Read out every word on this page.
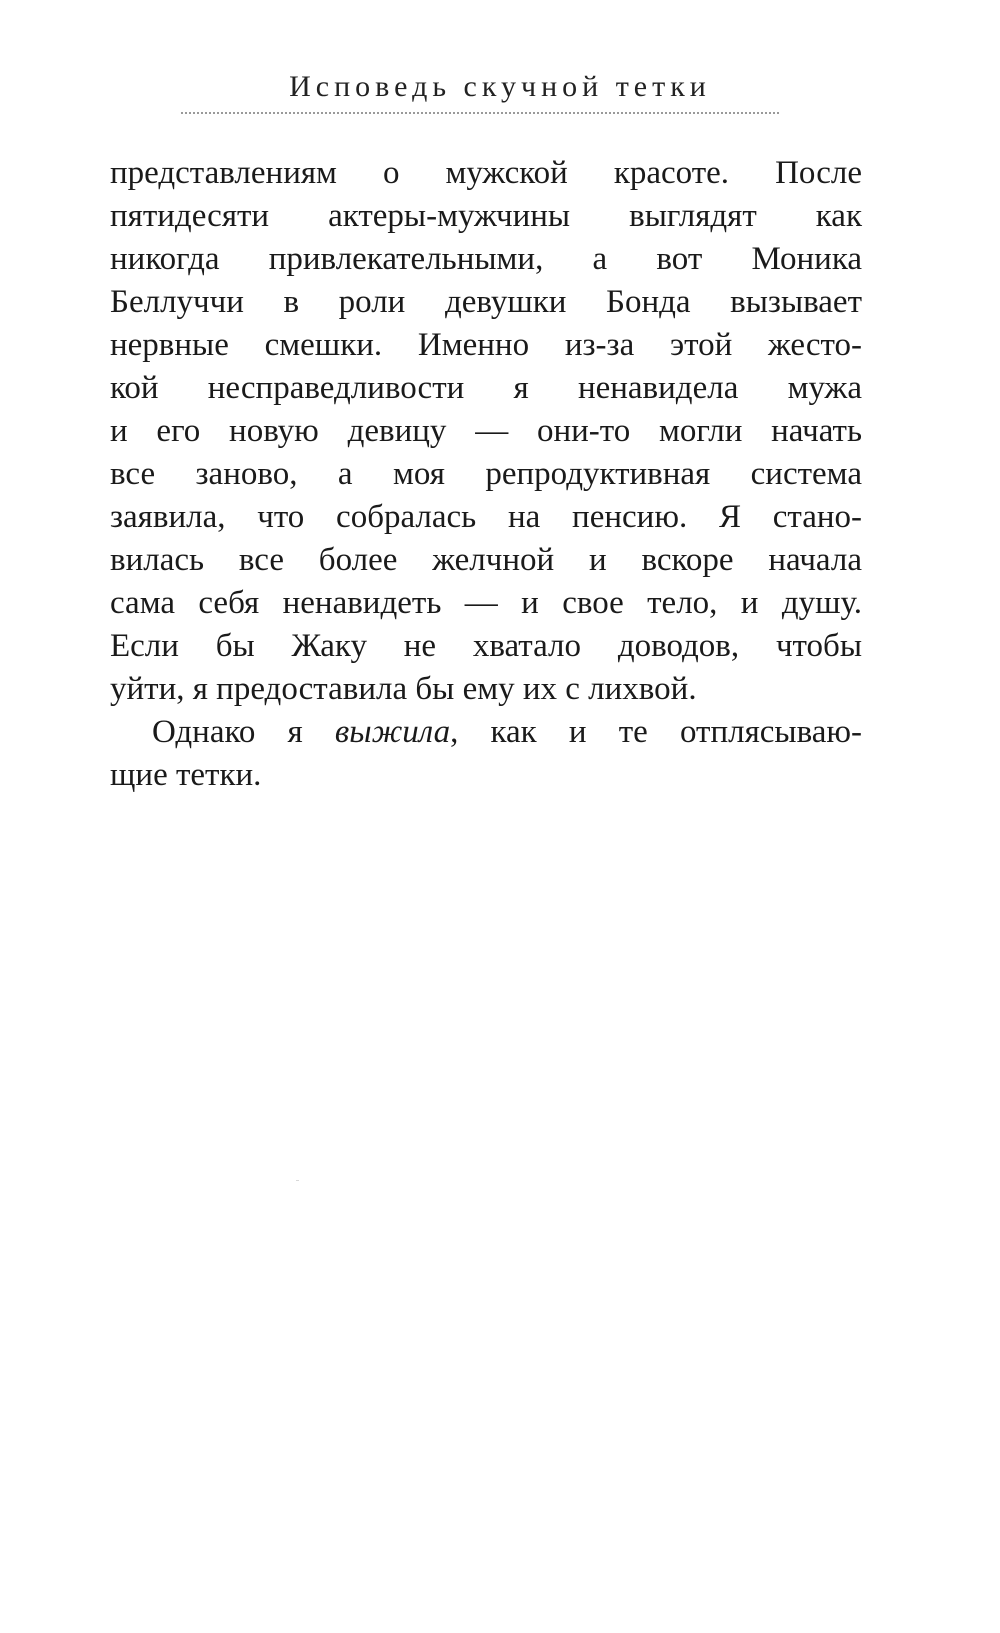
Исповедь скучной тетки
представлениям о мужской красоте. После
пятидесяти актеры-мужчины выглядят как
никогда привлекательными, а вот Моника
Беллуччи в роли девушки Бонда вызывает
нервные смешки. Именно из-за этой жесто-
кой несправедливости я ненавидела мужа
и его новую девицу — они-то могли начать
все заново, а моя репродуктивная система
заявила, что собралась на пенсию. Я стано-
вилась все более желчной и вскоре начала
сама себя ненавидеть — и свое тело, и душу.
Если бы Жаку не хватало доводов, чтобы
уйти, я предоставила бы ему их с лихвой.
Однако я выжила, как и те отплясываю-
щие тетки.
